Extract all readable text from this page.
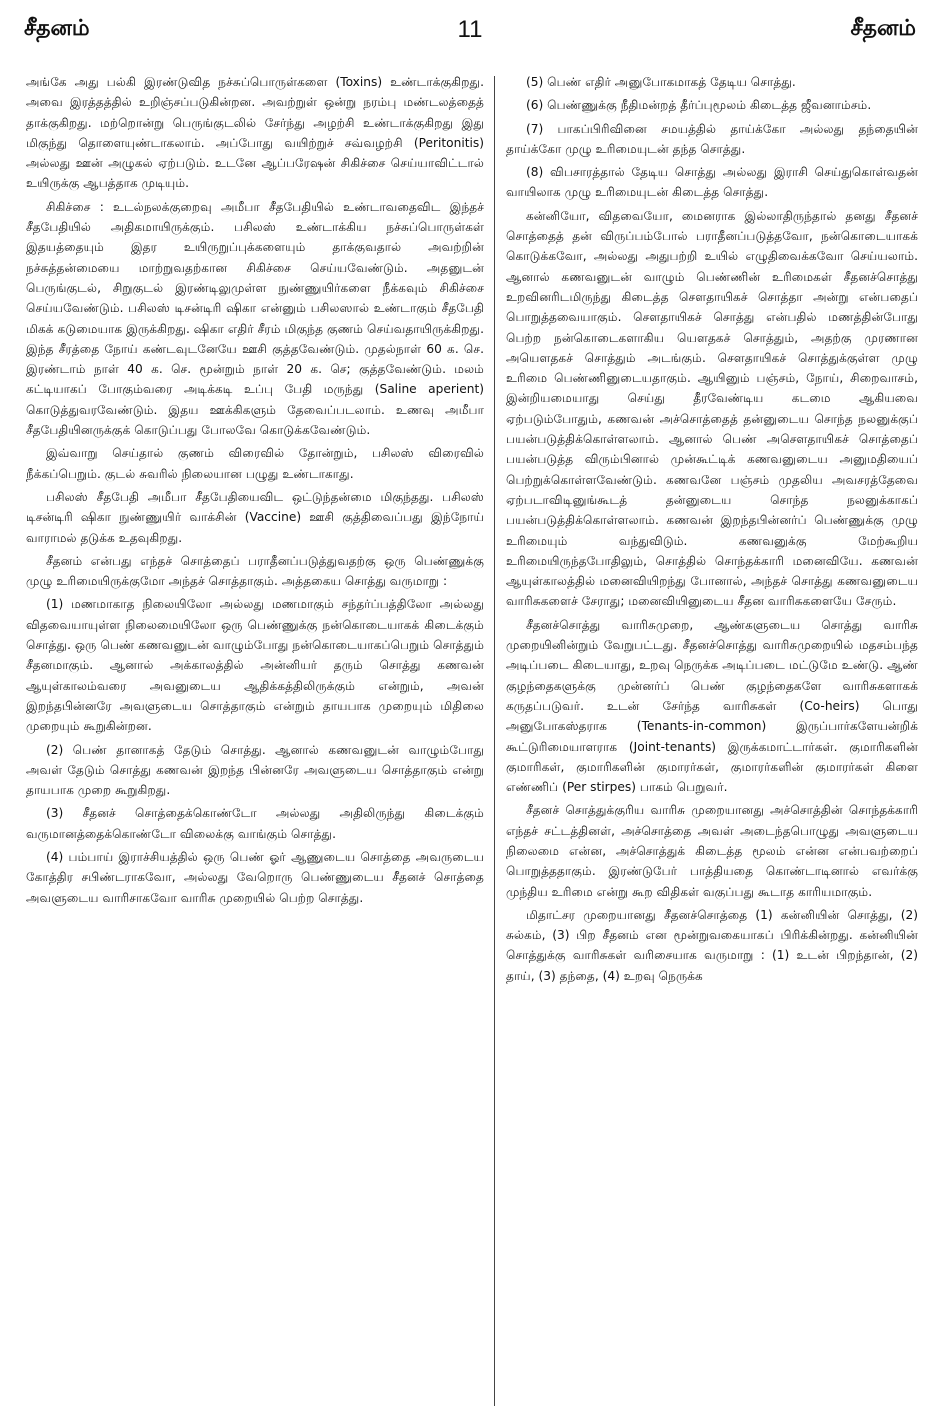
சீதனம்	11	சீதனம்

அங்கே அது பல்கி இரண்டுவித நச்சுப்பொருள்களை (Toxins) உண்டாக்குகிறது. அவை இரத்தத்தில் உறிஞ்சப்படுகின்றன. அவற்றுள் ஒன்று நரம்பு மண்டலத்தைத் தாக்குகிறது. மற்றொன்று பெருங்குடலில் சேர்ந்து அழற்சி உண்டாக்குகிறது இது மிகுந்து தொளையுண்டாகலாம். அப்போது வயிற்றுச் சவ்வழற்சி (Peritonitis) அல்லது ஊன் அழுகல் ஏற்படும். உடனே ஆப்பரேஷன் சிகிச்சை செய்யாவிட்டால் உயிருக்கு ஆபத்தாக முடியும்.

சிகிச்சை : உடல்நலக்குறைவு அமீபா சீதபேதியில் உண்டாவதைவிட இந்தச் சீதபேதியில் அதிகமாயிருக்கும். பசிலஸ் உண்டாக்கிய நச்சுப்பொருள்கள் இதயத்தையும் இதர உயிருறுப்புக்களையும் தாக்குவதால் அவற்றின் நச்சுத்தன்மையை மாற்றுவதற்கான சிகிச்சை செய்யவேண்டும். அதனுடன் பெருங்குடல், சிறுகுடல் இரண்டிலுமுள்ள நுண்ணுயிர்களை நீக்கவும் சிகிச்சை செய்யவேண்டும். பசிலஸ் டிசன்டிரி ஷிகா என்னும் பசிலஸால் உண்டாகும் சீதபேதி மிகக் கடுமையாக இருக்கிறது. ஷிகா எதிர் சீரம் மிகுந்த குணம் செய்வதாயிருக்கிறது. இந்த சீரத்தை நோய் கண்டவுடனேயே ஊசி குத்தவேண்டும். முதல்நாள் 60 க. செ. இரண்டாம் நாள் 40 க. செ. மூன்றும் நாள் 20 க. செ; குத்தவேண்டும். மலம் கட்டியாகப் போகும்வரை அடிக்கடி உப்பு பேதி மருந்து (Saline aperient) கொடுத்துவரவேண்டும். இதய ஊக்கிகளும் தேவைப்படலாம். உணவு அமீபா சீதபேதியினருக்குக் கொடுப்பது போலவே கொடுக்கவேண்டும்.

இவ்வாறு செய்தால் குணம் விரைவில் தோன்றும், பசிலஸ் விரைவில் நீக்கப்பெறும். குடல் சுவரில் நிலையான பழுது உண்டாகாது.

பசிலஸ் சீதபேதி அமீபா சீதபேதியைவிட ஒட்டுந்தன்மை மிகுந்தது. பசிலஸ் டிசன்டிரி ஷிகா நுண்ணுயிர் வாக்சின் (Vaccine) ஊசி குத்திவைப்பது இந்நோய் வாராமல் தடுக்க உதவுகிறது.

சீதனம் என்பது எந்தச் சொத்தைப் பராதீனப்படுத்துவதற்கு ஒரு பெண்ணுக்கு முழு உரிமையிருக்குமோ அந்தச் சொத்தாகும். அத்தகைய சொத்து வருமாறு :

(1) மணமாகாத நிலையிலோ அல்லது மணமாகும் சந்தர்ப்பத்திலோ அல்லது விதவையாயுள்ள நிலைமையிலோ ஒரு பெண்ணுக்கு நன்கொடையாகக் கிடைக்கும் சொத்து. ஒரு பெண் கணவனுடன் வாழும்போது நன்கொடையாகப்பெறும் சொத்தும் சீதனமாகும். ஆனால் அக்காலத்தில் அன்னியர் தரும் சொத்து கணவன் ஆயுள்காலம்வரை அவனுடைய ஆதிக்கத்திலிருக்கும் என்றும், அவன் இறந்தபின்னரே அவளுடைய சொத்தாகும் என்றும் தாயபாக முறையும் மிதிலை முறையும் கூறுகின்றன.

(2) பெண் தானாகத் தேடும் சொத்து. ஆனால் கணவனுடன் வாழும்போது அவள் தேடும் சொத்து கணவன் இறந்த பின்னரே அவளுடைய சொத்தாகும் என்று தாயபாக முறை கூறுகிறது.

(3) சீதனச் சொத்தைக்கொண்டோ அல்லது அதிலிருந்து கிடைக்கும் வருமானத்தைக்கொண்டோ விலைக்கு வாங்கும் சொத்து.

(4) பம்பாய் இராச்சியத்தில் ஒரு பெண் ஓர் ஆணுடைய சொத்தை அவருடைய கோத்திர சபிண்டராகவோ, அல்லது வேறொரு பெண்ணுடைய சீதனச் சொத்தை அவளுடைய வாரிசாகவோ வாரிசு முறையில் பெற்ற சொத்து.

(5) பெண் எதிர் அனுபோகமாகத் தேடிய சொத்து.

(6) பெண்ணுக்கு நீதிமன்றத் தீர்ப்புமூலம் கிடைத்த ஜீவனாம்சம்.

(7) பாகப்பிரிவினை சமயத்தில் தாய்க்கோ அல்லது தந்தையின் தாய்க்கோ முழு உரிமையுடன் தந்த சொத்து.

(8) விபசாரத்தால் தேடிய சொத்து அல்லது இராசி செய்துகொள்வதன் வாயிலாக முழு உரிமையுடன் கிடைத்த சொத்து.

கன்னியோ, விதவையோ, மைனராக இல்லாதிருந்தால் தனது சீதனச் சொத்தைத் தன் விருப்பம்போல் பராதீனப்படுத்தவோ, நன்கொடையாகக் கொடுக்கவோ, அல்லது அதுபற்றி உயில் எழுதிவைக்கவோ செய்யலாம். ஆனால் கணவனுடன் வாழும் பெண்ணின் உரிமைகள் சீதனச்சொத்து உறவினரிடமிருந்து கிடைத்த சௌதாயிகச் சொத்தா அன்று என்பதைப் பொறுத்தவையாகும். சௌதாயிகச் சொத்து என்பதில் மணத்தின்போது பெற்ற நன்கொடைகளாகிய யௌதகச் சொத்தும், அதற்கு முரணான அயௌதகச் சொத்தும் அடங்கும். சௌதாயிகச் சொத்துக்குள்ள முழு உரிமை பெண்ணினுடையதாகும். ஆயினும் பஞ்சம், நோய், சிறைவாசம், இன்றியமையாது செய்து தீரவேண்டிய கடமை ஆகியவை ஏற்படும்போதும், கணவன் அச்சொத்தைத் தன்னுடைய சொந்த நலனுக்குப் பயன்படுத்திக்கொள்ளலாம். ஆனால் பெண் அசௌதாயிகச் சொத்தைப் பயன்படுத்த விரும்பினால் முன்கூட்டிக் கணவனுடைய அனுமதியைப் பெற்றுக்கொள்ளவேண்டும். கணவனே பஞ்சம் முதலிய அவசரத்தேவை ஏற்படாவிடினுங்கூடத் தன்னுடைய சொந்த நலனுக்காகப் பயன்படுத்திக்கொள்ளலாம். கணவன் இறந்தபின்னர்ப் பெண்ணுக்கு முழு உரிமையும் வந்துவிடும். கணவனுக்கு மேற்கூறிய உரிமையிருந்தபோதிலும், சொத்தில் சொந்தக்காரி மனைவியே. கணவன் ஆயுள்காலத்தில் மனைவியிறந்து போனால், அந்தச் சொத்து கணவனுடைய வாரிசுகளைச் சேராது; மனைவியினுடைய சீதன வாரிசுகளையே சேரும்.

சீதனச்சொத்து வாரிசுமுறை, ஆண்களுடைய சொத்து வாரிசு முறையினின்றும் வேறுபட்டது. சீதனச்சொத்து வாரிசுமுறையில் மதசம்பந்த அடிப்படை கிடையாது, உறவு நெருக்க அடிப்படை மட்டுமே உண்டு. ஆண் குழந்தைகளுக்கு முன்னர்ப் பெண் குழந்தைகளே வாரிசுகளாகக் கருதப்படுவர். உடன் சேர்ந்த வாரிசுகள் (Co-heirs) பொது அனுபோகஸ்தராக (Tenants-in-common) இருப்பார்களேயன்றிக் கூட்டுரிமையாளராக (Joint-tenants) இருக்கமாட்டார்கள். குமாரிகளின் குமாரிகள், குமாரிகளின் குமாரர்கள், குமாரர்களின் குமாரர்கள் கிளை எண்ணிப் (Per stirpes) பாகம் பெறுவர்.

சீதனச் சொத்துக்குரிய வாரிசு முறையானது அச்சொத்தின் சொந்தக்காரி எந்தச் சட்டத்தினள், அச்சொத்தை அவள் அடைந்தபொழுது அவளுடைய நிலைமை என்ன, அச்சொத்துக் கிடைத்த மூலம் என்ன என்பவற்றைப் பொறுத்ததாகும். இரண்டுபேர் பாத்தியதை கொண்டாடினால் எவர்க்கு முந்திய உரிமை என்று கூற விதிகள் வகுப்பது கூடாத காரியமாகும்.

மிதாட்சர முறையானது சீதனச்சொத்தை (1) கன்னியின் சொத்து, (2) சுல்கம், (3) பிற சீதனம் என மூன்றுவகையாகப் பிரிக்கின்றது. கன்னியின் சொத்துக்கு வாரிசுகள் வரிசையாக வருமாறு : (1) உடன் பிறந்தான், (2) தாய், (3) தந்தை, (4) உறவு நெருக்க
